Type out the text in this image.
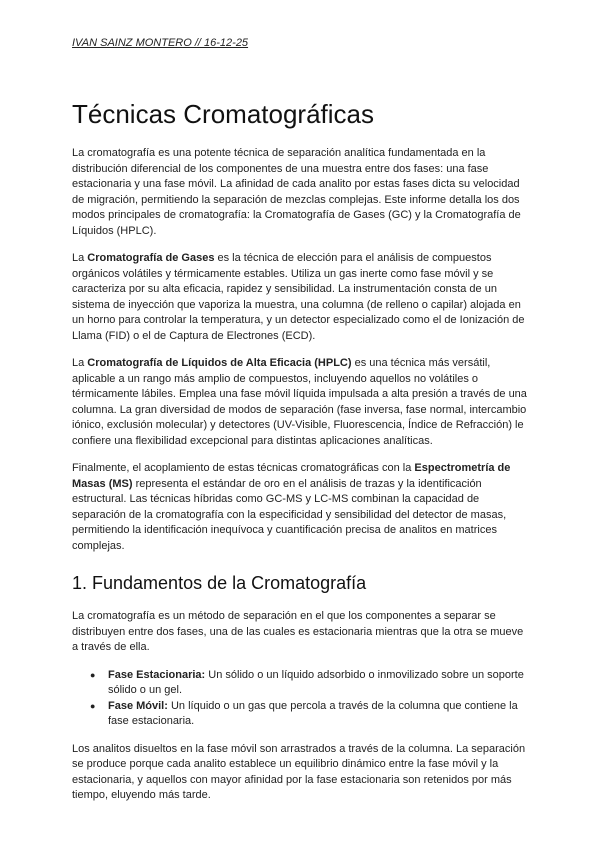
IVAN SAINZ MONTERO // 16-12-25

Técnicas Cromatográficas

La cromatografía es una potente técnica de separación analítica fundamentada en la distribución diferencial de los componentes de una muestra entre dos fases: una fase estacionaria y una fase móvil. La afinidad de cada analito por estas fases dicta su velocidad de migración, permitiendo la separación de mezclas complejas. Este informe detalla los dos modos principales de cromatografía: la Cromatografía de Gases (GC) y la Cromatografía de Líquidos (HPLC).

La Cromatografía de Gases es la técnica de elección para el análisis de compuestos orgánicos volátiles y térmicamente estables. Utiliza un gas inerte como fase móvil y se caracteriza por su alta eficacia, rapidez y sensibilidad. La instrumentación consta de un sistema de inyección que vaporiza la muestra, una columna (de relleno o capilar) alojada en un horno para controlar la temperatura, y un detector especializado como el de Ionización de Llama (FID) o el de Captura de Electrones (ECD).

La Cromatografía de Líquidos de Alta Eficacia (HPLC) es una técnica más versátil, aplicable a un rango más amplio de compuestos, incluyendo aquellos no volátiles o térmicamente lábiles. Emplea una fase móvil líquida impulsada a alta presión a través de una columna. La gran diversidad de modos de separación (fase inversa, fase normal, intercambio iónico, exclusión molecular) y detectores (UV-Visible, Fluorescencia, Índice de Refracción) le confiere una flexibilidad excepcional para distintas aplicaciones analíticas.

Finalmente, el acoplamiento de estas técnicas cromatográficas con la Espectrometría de Masas (MS) representa el estándar de oro en el análisis de trazas y la identificación estructural. Las técnicas híbridas como GC-MS y LC-MS combinan la capacidad de separación de la cromatografía con la especificidad y sensibilidad del detector de masas, permitiendo la identificación inequívoca y cuantificación precisa de analitos en matrices complejas.

1. Fundamentos de la Cromatografía

La cromatografía es un método de separación en el que los componentes a separar se distribuyen entre dos fases, una de las cuales es estacionaria mientras que la otra se mueve a través de ella.

● Fase Estacionaria: Un sólido o un líquido adsorbido o inmovilizado sobre un soporte sólido o un gel.
● Fase Móvil: Un líquido o un gas que percola a través de la columna que contiene la fase estacionaria.

Los analitos disueltos en la fase móvil son arrastrados a través de la columna. La separación se produce porque cada analito establece un equilibrio dinámico entre la fase móvil y la estacionaria, y aquellos con mayor afinidad por la fase estacionaria son retenidos por más tiempo, eluyendo más tarde.
